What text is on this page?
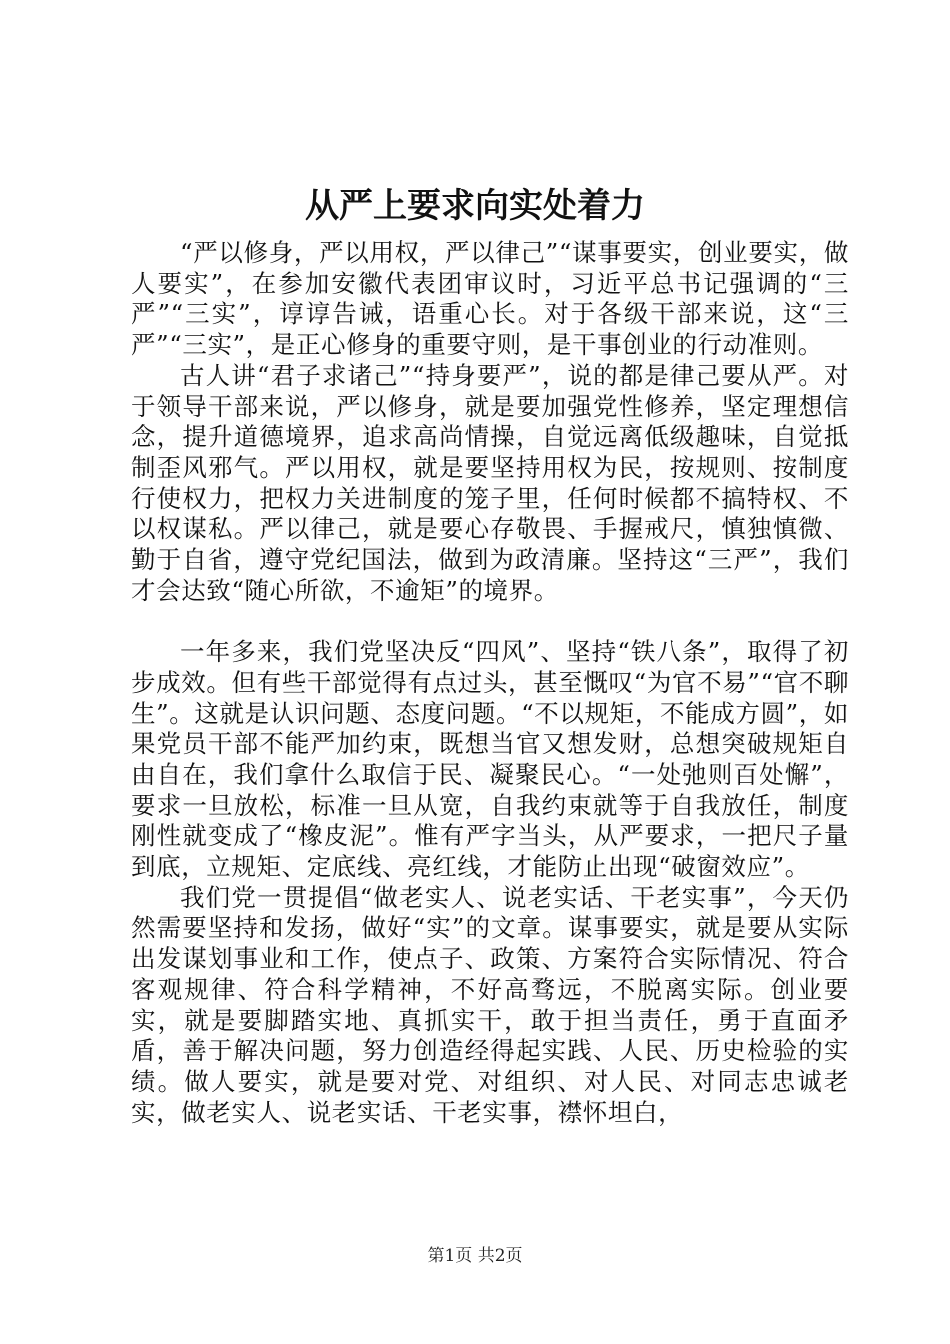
从严上要求向实处着力

“严以修身，严以用权，严以律己”“谋事要实，创业要实，做人要实”，在参加安徽代表团审议时，习近平总书记强调的“三严”“三实”，谆谆告诫，语重心长。对于各级干部来说，这“三严”“三实”，是正心修身的重要守则，是干事创业的行动准则。

古人讲“君子求诸己”“持身要严”，说的都是律己要从严。对于领导干部来说，严以修身，就是要加强党性修养，坚定理想信念，提升道德境界，追求高尚情操，自觉远离低级趣味，自觉抵制歪风邪气。严以用权，就是要坚持用权为民，按规则、按制度行使权力，把权力关进制度的笼子里，任何时候都不搞特权、不以权谋私。严以律己，就是要心存敬畏、手握戒尺，慎独慎微、勤于自省，遵守党纪国法，做到为政清廉。坚持这“三严”，我们才会达致“随心所欲，不逾矩”的境界。

一年多来，我们党坚决反“四风”、坚持“铁八条”，取得了初步成效。但有些干部觉得有点过头，甚至慨叹“为官不易”“官不聊生”。这就是认识问题、态度问题。“不以规矩，不能成方圆”，如果党员干部不能严加约束，既想当官又想发财，总想突破规矩自由自在，我们拿什么取信于民、凝聚民心。“一处弛则百处懈”，要求一旦放松，标准一旦从宽，自我约束就等于自我放任，制度刚性就变成了“橡皮泥”。惟有严字当头，从严要求，一把尺子量到底，立规矩、定底线、亮红线，才能防止出现“破窗效应”。

我们党一贯提倡“做老实人、说老实话、干老实事”，今天仍然需要坚持和发扬，做好“实”的文章。谋事要实，就是要从实际出发谋划事业和工作，使点子、政策、方案符合实际情况、符合客观规律、符合科学精神，不好高骛远，不脱离实际。创业要实，就是要脚踏实地、真抓实干，敢于担当责任，勇于直面矛盾，善于解决问题，努力创造经得起实践、人民、历史检验的实绩。做人要实，就是要对党、对组织、对人民、对同志忠诚老实，做老实人、说老实话、干老实事，襟怀坦白，

第1页 共2页
